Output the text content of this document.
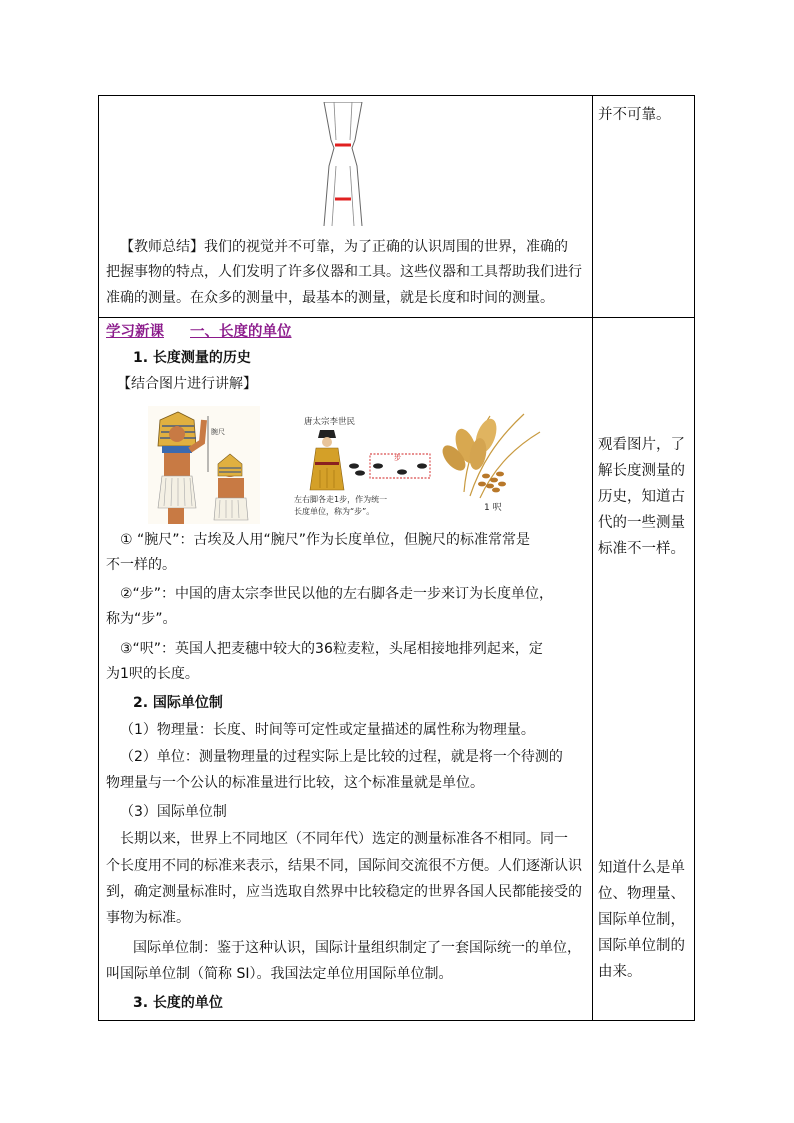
并不可靠。
【教师总结】我们的视觉并不可靠，为了正确的认识周围的世界，准确的
把握事物的特点，人们发明了许多仪器和工具。这些仪器和工具帮助我们进行
准确的测量。在众多的测量中，最基本的测量，就是长度和时间的测量。
学习新课 一、长度的单位
1. 长度测量的历史
【结合图片进行讲解】
腕尺
唐太宗李世民
步
左右脚各走1步，作为统一
长度单位，称为“步”。	1 呎
① “腕尺”：古埃及人用“腕尺”作为长度单位，但腕尺的标准常常是
不一样的。
②“步”：中国的唐太宗李世民以他的左右脚各走一步来订为长度单位，
称为“步”。
③“呎”：英国人把麦穗中较大的36粒麦粒，头尾相接地排列起来，定
为1呎的长度。
2. 国际单位制
（1）物理量：长度、时间等可定性或定量描述的属性称为物理量。
（2）单位：测量物理量的过程实际上是比较的过程，就是将一个待测的
物理量与一个公认的标准量进行比较，这个标准量就是单位。
（3）国际单位制
长期以来，世界上不同地区（不同年代）选定的测量标准各不相同。同一
个长度用不同的标准来表示，结果不同，国际间交流很不方便。人们逐渐认识
到，确定测量标准时，应当选取自然界中比较稳定的世界各国人民都能接受的
事物为标准。
国际单位制：鉴于这种认识，国际计量组织制定了一套国际统一的单位，
叫国际单位制（简称 SI）。我国法定单位用国际单位制。
3. 长度的单位
观看图片，了
解长度测量的
历史，知道古
代的一些测量
标准不一样。
知道什么是单
位、物理量、
国际单位制，
国际单位制的
由来。
